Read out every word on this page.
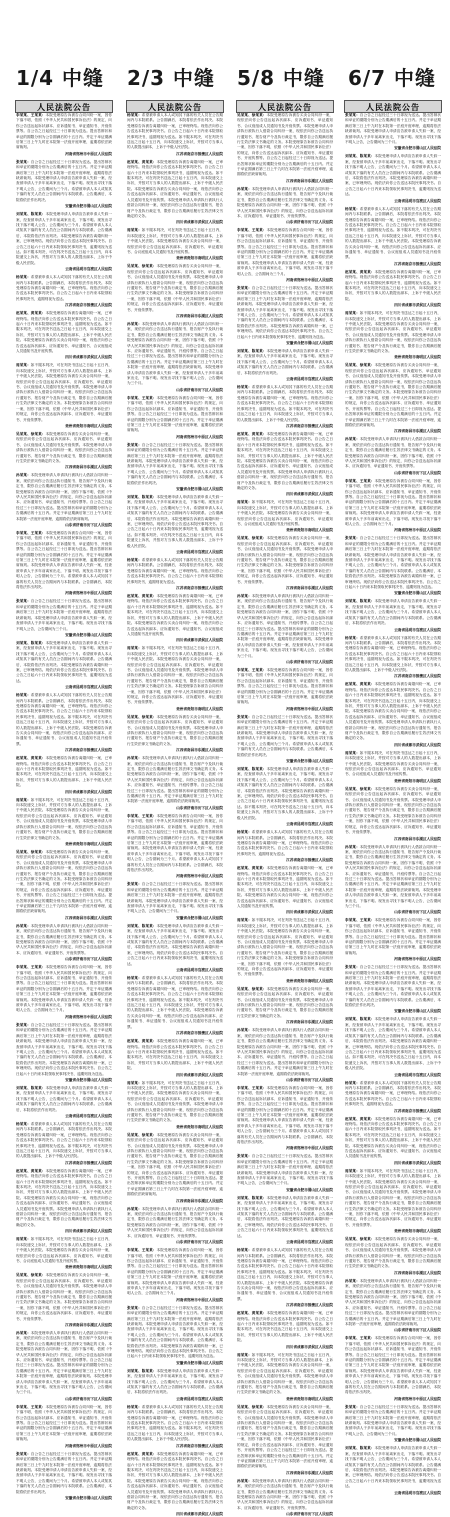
1/4 中缝	2/3 中缝	5/8 中缝	6/7 中缝
人民法院公告
李某某、王某某：本院受理原告诉被告合同纠纷一案，因你下落不明，依照《中华人民共和国民事诉讼法》的规定，向你公告送达起诉状副本、应诉通知书、举证通知书、开庭传票等。自公告之日起经过三十日即视为送达。提出答辩状和举证的期限分别为公告期满后的十五日内。并定于举证期满后第三日上午九时在本院第一法庭开庭审理，逾期将依法缺席裁判。
河南省郑州市中原区人民法院
张某某：自公告之日起经过三十日即视为送达。提出答辩状和举证的期限分别为公告期满后的十五日内。并定于举证期满后第三日上午九时在本院第一法庭开庭审理，逾期将依法缺席裁判。本院受理申请人申请宣告被申请人失踪一案，经查被申请人于多年前离家出走，下落不明。现发出寻找下落不明人公告，公告期间为三个月。希望被申请人本人或知其下落的有关人员在公告期间内与本院联系。公告期满后，本院将依法作出判决。
安徽省合肥市蜀山区人民法院
刘某某、陈某某：本院受理申请人申请宣告被申请人失踪一案，经查被申请人于多年前离家出走，下落不明。现发出寻找下落不明人公告，公告期间为三个月。希望被申请人本人或知其下落的有关人员在公告期间内与本院联系。公告期满后，本院将依法作出判决。本院受理原告诉被告离婚纠纷一案，已审理终结。现依法向你公告送达本院民事判决书。自公告之日起六十日内来本院领取民事判决书，逾期则视为送达。如不服本判决，可在判决书送达之日起十五日内，向本院递交上诉状，并按对方当事人的人数提出副本，上诉于中级人民法院。
云南省昆明市官渡区人民法院
杨某某：希望被申请人本人或知其下落的有关人员在公告期间内与本院联系。公告期满后，本院将依法作出判决。本院受理原告诉被告离婚纠纷一案，已审理终结。现依法向你公告送达本院民事判决书。自公告之日起六十日内来本院领取民事判决书，逾期则视为送达。
江苏省南京市鼓楼区人民法院
赵某某、黄某某：本院受理原告诉被告离婚纠纷一案，已审理终结。现依法向你公告送达本院民事判决书。自公告之日起六十日内来本院领取民事判决书，逾期则视为送达。如不服本判决，可在判决书送达之日起十五日内，向本院递交上诉状，并按对方当事人的人数提出副本，上诉于中级人民法院。本院受理原告诉被告买卖合同纠纷一案，现依法向你公告送达起诉状副本、应诉通知书、举证通知书、合议庭组成人员通知书及开庭传票。
四川省成都市武侯区人民法院
周某某：如不服本判决，可在判决书送达之日起十五日内，向本院递交上诉状，并按对方当事人的人数提出副本，上诉于中级人民法院。本院受理原告诉被告买卖合同纠纷一案，现依法向你公告送达起诉状副本、应诉通知书、举证通知书、合议庭组成人员通知书及开庭传票。本院受理申请人申请执行被执行人借款合同纠纷一案，现依法向你公告送达执行通知书、报告财产令及执行裁定书，限你自公告期满后履行生效法律文书确定的义务。本院受理原告诉被告合同纠纷一案，因你下落不明，依照《中华人民共和国民事诉讼法》的规定，向你公告送达起诉状副本、应诉通知书、举证通知书、开庭传票等。
贵州省贵阳市南明区人民法院
吴某某、徐某某：本院受理原告诉被告买卖合同纠纷一案，现依法向你公告送达起诉状副本、应诉通知书、举证通知书、合议庭组成人员通知书及开庭传票。本院受理申请人申请执行被执行人借款合同纠纷一案，现依法向你公告送达执行通知书、报告财产令及执行裁定书，限你自公告期满后履行生效法律文书确定的义务。
江西省南昌市东湖区人民法院
孙某某：本院受理申请人申请执行被执行人借款合同纠纷一案，现依法向你公告送达执行通知书、报告财产令及执行裁定书，限你自公告期满后履行生效法律文书确定的义务。本院受理原告诉被告合同纠纷一案，因你下落不明，依照《中华人民共和国民事诉讼法》的规定，向你公告送达起诉状副本、应诉通知书、举证通知书、开庭传票等。自公告之日起经过三十日即视为送达。提出答辩状和举证的期限分别为公告期满后的十五日内。并定于举证期满后第三日上午九时在本院第一法庭开庭审理，逾期将依法缺席裁判。
山东省济南市历下区人民法院
李某某、王某某：本院受理原告诉被告合同纠纷一案，因你下落不明，依照《中华人民共和国民事诉讼法》的规定，向你公告送达起诉状副本、应诉通知书、举证通知书、开庭传票等。自公告之日起经过三十日即视为送达。提出答辩状和举证的期限分别为公告期满后的十五日内。并定于举证期满后第三日上午九时在本院第一法庭开庭审理，逾期将依法缺席裁判。本院受理申请人申请宣告被申请人失踪一案，经查被申请人于多年前离家出走，下落不明。现发出寻找下落不明人公告，公告期间为三个月。希望被申请人本人或知其下落的有关人员在公告期间内与本院联系。公告期满后，本院将依法作出判决。
河南省郑州市中原区人民法院
张某某：自公告之日起经过三十日即视为送达。提出答辩状和举证的期限分别为公告期满后的十五日内。并定于举证期满后第三日上午九时在本院第一法庭开庭审理，逾期将依法缺席裁判。本院受理申请人申请宣告被申请人失踪一案，经查被申请人于多年前离家出走，下落不明。现发出寻找下落不明人公告，公告期间为三个月。
安徽省合肥市蜀山区人民法院
刘某某、陈某某：本院受理申请人申请宣告被申请人失踪一案，经查被申请人于多年前离家出走，下落不明。现发出寻找下落不明人公告，公告期间为三个月。希望被申请人本人或知其下落的有关人员在公告期间内与本院联系。公告期满后，本院将依法作出判决。本院受理原告诉被告离婚纠纷一案，已审理终结。现依法向你公告送达本院民事判决书。自公告之日起六十日内来本院领取民事判决书，逾期则视为送达。
云南省昆明市官渡区人民法院
杨某某：希望被申请人本人或知其下落的有关人员在公告期间内与本院联系。公告期满后，本院将依法作出判决。本院受理原告诉被告离婚纠纷一案，已审理终结。现依法向你公告送达本院民事判决书。自公告之日起六十日内来本院领取民事判决书，逾期则视为送达。如不服本判决，可在判决书送达之日起十五日内，向本院递交上诉状，并按对方当事人的人数提出副本，上诉于中级人民法院。本院受理原告诉被告买卖合同纠纷一案，现依法向你公告送达起诉状副本、应诉通知书、举证通知书、合议庭组成人员通知书及开庭传票。
江苏省南京市鼓楼区人民法院
赵某某、黄某某：本院受理原告诉被告离婚纠纷一案，已审理终结。现依法向你公告送达本院民事判决书。自公告之日起六十日内来本院领取民事判决书，逾期则视为送达。如不服本判决，可在判决书送达之日起十五日内，向本院递交上诉状，并按对方当事人的人数提出副本，上诉于中级人民法院。
四川省成都市武侯区人民法院
周某某：如不服本判决，可在判决书送达之日起十五日内，向本院递交上诉状，并按对方当事人的人数提出副本，上诉于中级人民法院。本院受理原告诉被告买卖合同纠纷一案，现依法向你公告送达起诉状副本、应诉通知书、举证通知书、合议庭组成人员通知书及开庭传票。本院受理申请人申请执行被执行人借款合同纠纷一案，现依法向你公告送达执行通知书、报告财产令及执行裁定书，限你自公告期满后履行生效法律文书确定的义务。
贵州省贵阳市南明区人民法院
吴某某、徐某某：本院受理原告诉被告买卖合同纠纷一案，现依法向你公告送达起诉状副本、应诉通知书、举证通知书、合议庭组成人员通知书及开庭传票。本院受理申请人申请执行被执行人借款合同纠纷一案，现依法向你公告送达执行通知书、报告财产令及执行裁定书，限你自公告期满后履行生效法律文书确定的义务。本院受理原告诉被告合同纠纷一案，因你下落不明，依照《中华人民共和国民事诉讼法》的规定，向你公告送达起诉状副本、应诉通知书、举证通知书、开庭传票等。自公告之日起经过三十日即视为送达。提出答辩状和举证的期限分别为公告期满后的十五日内。并定于举证期满后第三日上午九时在本院第一法庭开庭审理，逾期将依法缺席裁判。
江西省南昌市东湖区人民法院
孙某某：本院受理申请人申请执行被执行人借款合同纠纷一案，现依法向你公告送达执行通知书、报告财产令及执行裁定书，限你自公告期满后履行生效法律文书确定的义务。本院受理原告诉被告合同纠纷一案，因你下落不明，依照《中华人民共和国民事诉讼法》的规定，向你公告送达起诉状副本、应诉通知书、举证通知书、开庭传票等。
山东省济南市历下区人民法院
李某某、王某某：本院受理原告诉被告合同纠纷一案，因你下落不明，依照《中华人民共和国民事诉讼法》的规定，向你公告送达起诉状副本、应诉通知书、举证通知书、开庭传票等。自公告之日起经过三十日即视为送达。提出答辩状和举证的期限分别为公告期满后的十五日内。并定于举证期满后第三日上午九时在本院第一法庭开庭审理，逾期将依法缺席裁判。本院受理申请人申请宣告被申请人失踪一案，经查被申请人于多年前离家出走，下落不明。现发出寻找下落不明人公告，公告期间为三个月。
河南省郑州市中原区人民法院
张某某：自公告之日起经过三十日即视为送达。提出答辩状和举证的期限分别为公告期满后的十五日内。并定于举证期满后第三日上午九时在本院第一法庭开庭审理，逾期将依法缺席裁判。本院受理申请人申请宣告被申请人失踪一案，经查被申请人于多年前离家出走，下落不明。现发出寻找下落不明人公告，公告期间为三个月。希望被申请人本人或知其下落的有关人员在公告期间内与本院联系。公告期满后，本院将依法作出判决。本院受理原告诉被告离婚纠纷一案，已审理终结。现依法向你公告送达本院民事判决书。自公告之日起六十日内来本院领取民事判决书，逾期则视为送达。
安徽省合肥市蜀山区人民法院
刘某某、陈某某：本院受理申请人申请宣告被申请人失踪一案，经查被申请人于多年前离家出走，下落不明。现发出寻找下落不明人公告，公告期间为三个月。希望被申请人本人或知其下落的有关人员在公告期间内与本院联系。公告期满后，本院将依法作出判决。
云南省昆明市官渡区人民法院
杨某某：希望被申请人本人或知其下落的有关人员在公告期间内与本院联系。公告期满后，本院将依法作出判决。本院受理原告诉被告离婚纠纷一案，已审理终结。现依法向你公告送达本院民事判决书。自公告之日起六十日内来本院领取民事判决书，逾期则视为送达。如不服本判决，可在判决书送达之日起十五日内，向本院递交上诉状，并按对方当事人的人数提出副本，上诉于中级人民法院。
江苏省南京市鼓楼区人民法院
赵某某、黄某某：本院受理原告诉被告离婚纠纷一案，已审理终结。现依法向你公告送达本院民事判决书。自公告之日起六十日内来本院领取民事判决书，逾期则视为送达。如不服本判决，可在判决书送达之日起十五日内，向本院递交上诉状，并按对方当事人的人数提出副本，上诉于中级人民法院。本院受理原告诉被告买卖合同纠纷一案，现依法向你公告送达起诉状副本、应诉通知书、举证通知书、合议庭组成人员通知书及开庭传票。本院受理申请人申请执行被执行人借款合同纠纷一案，现依法向你公告送达执行通知书、报告财产令及执行裁定书，限你自公告期满后履行生效法律文书确定的义务。
四川省成都市武侯区人民法院
周某某：如不服本判决，可在判决书送达之日起十五日内，向本院递交上诉状，并按对方当事人的人数提出副本，上诉于中级人民法院。本院受理原告诉被告买卖合同纠纷一案，现依法向你公告送达起诉状副本、应诉通知书、举证通知书、合议庭组成人员通知书及开庭传票。
贵州省贵阳市南明区人民法院
吴某某、徐某某：本院受理原告诉被告买卖合同纠纷一案，现依法向你公告送达起诉状副本、应诉通知书、举证通知书、合议庭组成人员通知书及开庭传票。本院受理申请人申请执行被执行人借款合同纠纷一案，现依法向你公告送达执行通知书、报告财产令及执行裁定书，限你自公告期满后履行生效法律文书确定的义务。本院受理原告诉被告合同纠纷一案，因你下落不明，依照《中华人民共和国民事诉讼法》的规定，向你公告送达起诉状副本、应诉通知书、举证通知书、开庭传票等。
江西省南昌市东湖区人民法院
孙某某：本院受理申请人申请执行被执行人借款合同纠纷一案，现依法向你公告送达执行通知书、报告财产令及执行裁定书，限你自公告期满后履行生效法律文书确定的义务。本院受理原告诉被告合同纠纷一案，因你下落不明，依照《中华人民共和国民事诉讼法》的规定，向你公告送达起诉状副本、应诉通知书、举证通知书、开庭传票等。自公告之日起经过三十日即视为送达。提出答辩状和举证的期限分别为公告期满后的十五日内。并定于举证期满后第三日上午九时在本院第一法庭开庭审理，逾期将依法缺席裁判。本院受理申请人申请宣告被申请人失踪一案，经查被申请人于多年前离家出走，下落不明。现发出寻找下落不明人公告，公告期间为三个月。
山东省济南市历下区人民法院
李某某、王某某：本院受理原告诉被告合同纠纷一案，因你下落不明，依照《中华人民共和国民事诉讼法》的规定，向你公告送达起诉状副本、应诉通知书、举证通知书、开庭传票等。自公告之日起经过三十日即视为送达。提出答辩状和举证的期限分别为公告期满后的十五日内。并定于举证期满后第三日上午九时在本院第一法庭开庭审理，逾期将依法缺席裁判。
河南省郑州市中原区人民法院
张某某：自公告之日起经过三十日即视为送达。提出答辩状和举证的期限分别为公告期满后的十五日内。并定于举证期满后第三日上午九时在本院第一法庭开庭审理，逾期将依法缺席裁判。本院受理申请人申请宣告被申请人失踪一案，经查被申请人于多年前离家出走，下落不明。现发出寻找下落不明人公告，公告期间为三个月。希望被申请人本人或知其下落的有关人员在公告期间内与本院联系。公告期满后，本院将依法作出判决。
安徽省合肥市蜀山区人民法院
人民法院公告
杨某某：希望被申请人本人或知其下落的有关人员在公告期间内与本院联系。公告期满后，本院将依法作出判决。本院受理原告诉被告离婚纠纷一案，已审理终结。现依法向你公告送达本院民事判决书。自公告之日起六十日内来本院领取民事判决书，逾期则视为送达。如不服本判决，可在判决书送达之日起十五日内，向本院递交上诉状，并按对方当事人的人数提出副本，上诉于中级人民法院。
江苏省南京市鼓楼区人民法院
赵某某、黄某某：本院受理原告诉被告离婚纠纷一案，已审理终结。现依法向你公告送达本院民事判决书。自公告之日起六十日内来本院领取民事判决书，逾期则视为送达。如不服本判决，可在判决书送达之日起十五日内，向本院递交上诉状，并按对方当事人的人数提出副本，上诉于中级人民法院。本院受理原告诉被告买卖合同纠纷一案，现依法向你公告送达起诉状副本、应诉通知书、举证通知书、合议庭组成人员通知书及开庭传票。本院受理申请人申请执行被执行人借款合同纠纷一案，现依法向你公告送达执行通知书、报告财产令及执行裁定书，限你自公告期满后履行生效法律文书确定的义务。
四川省成都市武侯区人民法院
周某某：如不服本判决，可在判决书送达之日起十五日内，向本院递交上诉状，并按对方当事人的人数提出副本，上诉于中级人民法院。本院受理原告诉被告买卖合同纠纷一案，现依法向你公告送达起诉状副本、应诉通知书、举证通知书、合议庭组成人员通知书及开庭传票。
贵州省贵阳市南明区人民法院
吴某某、徐某某：本院受理原告诉被告买卖合同纠纷一案，现依法向你公告送达起诉状副本、应诉通知书、举证通知书、合议庭组成人员通知书及开庭传票。本院受理申请人申请执行被执行人借款合同纠纷一案，现依法向你公告送达执行通知书、报告财产令及执行裁定书，限你自公告期满后履行生效法律文书确定的义务。本院受理原告诉被告合同纠纷一案，因你下落不明，依照《中华人民共和国民事诉讼法》的规定，向你公告送达起诉状副本、应诉通知书、举证通知书、开庭传票等。
江西省南昌市东湖区人民法院
孙某某：本院受理申请人申请执行被执行人借款合同纠纷一案，现依法向你公告送达执行通知书、报告财产令及执行裁定书，限你自公告期满后履行生效法律文书确定的义务。本院受理原告诉被告合同纠纷一案，因你下落不明，依照《中华人民共和国民事诉讼法》的规定，向你公告送达起诉状副本、应诉通知书、举证通知书、开庭传票等。自公告之日起经过三十日即视为送达。提出答辩状和举证的期限分别为公告期满后的十五日内。并定于举证期满后第三日上午九时在本院第一法庭开庭审理，逾期将依法缺席裁判。本院受理申请人申请宣告被申请人失踪一案，经查被申请人于多年前离家出走，下落不明。现发出寻找下落不明人公告，公告期间为三个月。
山东省济南市历下区人民法院
李某某、王某某：本院受理原告诉被告合同纠纷一案，因你下落不明，依照《中华人民共和国民事诉讼法》的规定，向你公告送达起诉状副本、应诉通知书、举证通知书、开庭传票等。自公告之日起经过三十日即视为送达。提出答辩状和举证的期限分别为公告期满后的十五日内。并定于举证期满后第三日上午九时在本院第一法庭开庭审理，逾期将依法缺席裁判。
河南省郑州市中原区人民法院
张某某：自公告之日起经过三十日即视为送达。提出答辩状和举证的期限分别为公告期满后的十五日内。并定于举证期满后第三日上午九时在本院第一法庭开庭审理，逾期将依法缺席裁判。本院受理申请人申请宣告被申请人失踪一案，经查被申请人于多年前离家出走，下落不明。现发出寻找下落不明人公告，公告期间为三个月。希望被申请人本人或知其下落的有关人员在公告期间内与本院联系。公告期满后，本院将依法作出判决。
安徽省合肥市蜀山区人民法院
刘某某、陈某某：本院受理申请人申请宣告被申请人失踪一案，经查被申请人于多年前离家出走，下落不明。现发出寻找下落不明人公告，公告期间为三个月。希望被申请人本人或知其下落的有关人员在公告期间内与本院联系。公告期满后，本院将依法作出判决。本院受理原告诉被告离婚纠纷一案，已审理终结。现依法向你公告送达本院民事判决书。自公告之日起六十日内来本院领取民事判决书，逾期则视为送达。如不服本判决，可在判决书送达之日起十五日内，向本院递交上诉状，并按对方当事人的人数提出副本，上诉于中级人民法院。
云南省昆明市官渡区人民法院
杨某某：希望被申请人本人或知其下落的有关人员在公告期间内与本院联系。公告期满后，本院将依法作出判决。本院受理原告诉被告离婚纠纷一案，已审理终结。现依法向你公告送达本院民事判决书。自公告之日起六十日内来本院领取民事判决书，逾期则视为送达。
江苏省南京市鼓楼区人民法院
赵某某、黄某某：本院受理原告诉被告离婚纠纷一案，已审理终结。现依法向你公告送达本院民事判决书。自公告之日起六十日内来本院领取民事判决书，逾期则视为送达。如不服本判决，可在判决书送达之日起十五日内，向本院递交上诉状，并按对方当事人的人数提出副本，上诉于中级人民法院。本院受理原告诉被告买卖合同纠纷一案，现依法向你公告送达起诉状副本、应诉通知书、举证通知书、合议庭组成人员通知书及开庭传票。
四川省成都市武侯区人民法院
周某某：如不服本判决，可在判决书送达之日起十五日内，向本院递交上诉状，并按对方当事人的人数提出副本，上诉于中级人民法院。本院受理原告诉被告买卖合同纠纷一案，现依法向你公告送达起诉状副本、应诉通知书、举证通知书、合议庭组成人员通知书及开庭传票。本院受理申请人申请执行被执行人借款合同纠纷一案，现依法向你公告送达执行通知书、报告财产令及执行裁定书，限你自公告期满后履行生效法律文书确定的义务。本院受理原告诉被告合同纠纷一案，因你下落不明，依照《中华人民共和国民事诉讼法》的规定，向你公告送达起诉状副本、应诉通知书、举证通知书、开庭传票等。
贵州省贵阳市南明区人民法院
吴某某、徐某某：本院受理原告诉被告买卖合同纠纷一案，现依法向你公告送达起诉状副本、应诉通知书、举证通知书、合议庭组成人员通知书及开庭传票。本院受理申请人申请执行被执行人借款合同纠纷一案，现依法向你公告送达执行通知书、报告财产令及执行裁定书，限你自公告期满后履行生效法律文书确定的义务。
江西省南昌市东湖区人民法院
孙某某：本院受理申请人申请执行被执行人借款合同纠纷一案，现依法向你公告送达执行通知书、报告财产令及执行裁定书，限你自公告期满后履行生效法律文书确定的义务。本院受理原告诉被告合同纠纷一案，因你下落不明，依照《中华人民共和国民事诉讼法》的规定，向你公告送达起诉状副本、应诉通知书、举证通知书、开庭传票等。自公告之日起经过三十日即视为送达。提出答辩状和举证的期限分别为公告期满后的十五日内。并定于举证期满后第三日上午九时在本院第一法庭开庭审理，逾期将依法缺席裁判。
山东省济南市历下区人民法院
李某某、王某某：本院受理原告诉被告合同纠纷一案，因你下落不明，依照《中华人民共和国民事诉讼法》的规定，向你公告送达起诉状副本、应诉通知书、举证通知书、开庭传票等。自公告之日起经过三十日即视为送达。提出答辩状和举证的期限分别为公告期满后的十五日内。并定于举证期满后第三日上午九时在本院第一法庭开庭审理，逾期将依法缺席裁判。本院受理申请人申请宣告被申请人失踪一案，经查被申请人于多年前离家出走，下落不明。现发出寻找下落不明人公告，公告期间为三个月。希望被申请人本人或知其下落的有关人员在公告期间内与本院联系。公告期满后，本院将依法作出判决。
河南省郑州市中原区人民法院
张某某：自公告之日起经过三十日即视为送达。提出答辩状和举证的期限分别为公告期满后的十五日内。并定于举证期满后第三日上午九时在本院第一法庭开庭审理，逾期将依法缺席裁判。本院受理申请人申请宣告被申请人失踪一案，经查被申请人于多年前离家出走，下落不明。现发出寻找下落不明人公告，公告期间为三个月。
安徽省合肥市蜀山区人民法院
刘某某、陈某某：本院受理申请人申请宣告被申请人失踪一案，经查被申请人于多年前离家出走，下落不明。现发出寻找下落不明人公告，公告期间为三个月。希望被申请人本人或知其下落的有关人员在公告期间内与本院联系。公告期满后，本院将依法作出判决。本院受理原告诉被告离婚纠纷一案，已审理终结。现依法向你公告送达本院民事判决书。自公告之日起六十日内来本院领取民事判决书，逾期则视为送达。
云南省昆明市官渡区人民法院
杨某某：希望被申请人本人或知其下落的有关人员在公告期间内与本院联系。公告期满后，本院将依法作出判决。本院受理原告诉被告离婚纠纷一案，已审理终结。现依法向你公告送达本院民事判决书。自公告之日起六十日内来本院领取民事判决书，逾期则视为送达。如不服本判决，可在判决书送达之日起十五日内，向本院递交上诉状，并按对方当事人的人数提出副本，上诉于中级人民法院。本院受理原告诉被告买卖合同纠纷一案，现依法向你公告送达起诉状副本、应诉通知书、举证通知书、合议庭组成人员通知书及开庭传票。
江苏省南京市鼓楼区人民法院
赵某某、黄某某：本院受理原告诉被告离婚纠纷一案，已审理终结。现依法向你公告送达本院民事判决书。自公告之日起六十日内来本院领取民事判决书，逾期则视为送达。如不服本判决，可在判决书送达之日起十五日内，向本院递交上诉状，并按对方当事人的人数提出副本，上诉于中级人民法院。
四川省成都市武侯区人民法院
周某某：如不服本判决，可在判决书送达之日起十五日内，向本院递交上诉状，并按对方当事人的人数提出副本，上诉于中级人民法院。本院受理原告诉被告买卖合同纠纷一案，现依法向你公告送达起诉状副本、应诉通知书、举证通知书、合议庭组成人员通知书及开庭传票。本院受理申请人申请执行被执行人借款合同纠纷一案，现依法向你公告送达执行通知书、报告财产令及执行裁定书，限你自公告期满后履行生效法律文书确定的义务。
贵州省贵阳市南明区人民法院
吴某某、徐某某：本院受理原告诉被告买卖合同纠纷一案，现依法向你公告送达起诉状副本、应诉通知书、举证通知书、合议庭组成人员通知书及开庭传票。本院受理申请人申请执行被执行人借款合同纠纷一案，现依法向你公告送达执行通知书、报告财产令及执行裁定书，限你自公告期满后履行生效法律文书确定的义务。本院受理原告诉被告合同纠纷一案，因你下落不明，依照《中华人民共和国民事诉讼法》的规定，向你公告送达起诉状副本、应诉通知书、举证通知书、开庭传票等。自公告之日起经过三十日即视为送达。提出答辩状和举证的期限分别为公告期满后的十五日内。并定于举证期满后第三日上午九时在本院第一法庭开庭审理，逾期将依法缺席裁判。
江西省南昌市东湖区人民法院
孙某某：本院受理申请人申请执行被执行人借款合同纠纷一案，现依法向你公告送达执行通知书、报告财产令及执行裁定书，限你自公告期满后履行生效法律文书确定的义务。本院受理原告诉被告合同纠纷一案，因你下落不明，依照《中华人民共和国民事诉讼法》的规定，向你公告送达起诉状副本、应诉通知书、举证通知书、开庭传票等。
山东省济南市历下区人民法院
李某某、王某某：本院受理原告诉被告合同纠纷一案，因你下落不明，依照《中华人民共和国民事诉讼法》的规定，向你公告送达起诉状副本、应诉通知书、举证通知书、开庭传票等。自公告之日起经过三十日即视为送达。提出答辩状和举证的期限分别为公告期满后的十五日内。并定于举证期满后第三日上午九时在本院第一法庭开庭审理，逾期将依法缺席裁判。本院受理申请人申请宣告被申请人失踪一案，经查被申请人于多年前离家出走，下落不明。现发出寻找下落不明人公告，公告期间为三个月。
河南省郑州市中原区人民法院
张某某：自公告之日起经过三十日即视为送达。提出答辩状和举证的期限分别为公告期满后的十五日内。并定于举证期满后第三日上午九时在本院第一法庭开庭审理，逾期将依法缺席裁判。本院受理申请人申请宣告被申请人失踪一案，经查被申请人于多年前离家出走，下落不明。现发出寻找下落不明人公告，公告期间为三个月。希望被申请人本人或知其下落的有关人员在公告期间内与本院联系。公告期满后，本院将依法作出判决。本院受理原告诉被告离婚纠纷一案，已审理终结。现依法向你公告送达本院民事判决书。自公告之日起六十日内来本院领取民事判决书，逾期则视为送达。
安徽省合肥市蜀山区人民法院
刘某某、陈某某：本院受理申请人申请宣告被申请人失踪一案，经查被申请人于多年前离家出走，下落不明。现发出寻找下落不明人公告，公告期间为三个月。希望被申请人本人或知其下落的有关人员在公告期间内与本院联系。公告期满后，本院将依法作出判决。
云南省昆明市官渡区人民法院
杨某某：希望被申请人本人或知其下落的有关人员在公告期间内与本院联系。公告期满后，本院将依法作出判决。本院受理原告诉被告离婚纠纷一案，已审理终结。现依法向你公告送达本院民事判决书。自公告之日起六十日内来本院领取民事判决书，逾期则视为送达。如不服本判决，可在判决书送达之日起十五日内，向本院递交上诉状，并按对方当事人的人数提出副本，上诉于中级人民法院。
江苏省南京市鼓楼区人民法院
赵某某、黄某某：本院受理原告诉被告离婚纠纷一案，已审理终结。现依法向你公告送达本院民事判决书。自公告之日起六十日内来本院领取民事判决书，逾期则视为送达。如不服本判决，可在判决书送达之日起十五日内，向本院递交上诉状，并按对方当事人的人数提出副本，上诉于中级人民法院。本院受理原告诉被告买卖合同纠纷一案，现依法向你公告送达起诉状副本、应诉通知书、举证通知书、合议庭组成人员通知书及开庭传票。本院受理申请人申请执行被执行人借款合同纠纷一案，现依法向你公告送达执行通知书、报告财产令及执行裁定书，限你自公告期满后履行生效法律文书确定的义务。
四川省成都市武侯区人民法院
人民法院公告
吴某某、徐某某：本院受理原告诉被告买卖合同纠纷一案，现依法向你公告送达起诉状副本、应诉通知书、举证通知书、合议庭组成人员通知书及开庭传票。本院受理申请人申请执行被执行人借款合同纠纷一案，现依法向你公告送达执行通知书、报告财产令及执行裁定书，限你自公告期满后履行生效法律文书确定的义务。本院受理原告诉被告合同纠纷一案，因你下落不明，依照《中华人民共和国民事诉讼法》的规定，向你公告送达起诉状副本、应诉通知书、举证通知书、开庭传票等。自公告之日起经过三十日即视为送达。提出答辩状和举证的期限分别为公告期满后的十五日内。并定于举证期满后第三日上午九时在本院第一法庭开庭审理，逾期将依法缺席裁判。
江西省南昌市东湖区人民法院
孙某某：本院受理申请人申请执行被执行人借款合同纠纷一案，现依法向你公告送达执行通知书、报告财产令及执行裁定书，限你自公告期满后履行生效法律文书确定的义务。本院受理原告诉被告合同纠纷一案，因你下落不明，依照《中华人民共和国民事诉讼法》的规定，向你公告送达起诉状副本、应诉通知书、举证通知书、开庭传票等。
山东省济南市历下区人民法院
李某某、王某某：本院受理原告诉被告合同纠纷一案，因你下落不明，依照《中华人民共和国民事诉讼法》的规定，向你公告送达起诉状副本、应诉通知书、举证通知书、开庭传票等。自公告之日起经过三十日即视为送达。提出答辩状和举证的期限分别为公告期满后的十五日内。并定于举证期满后第三日上午九时在本院第一法庭开庭审理，逾期将依法缺席裁判。本院受理申请人申请宣告被申请人失踪一案，经查被申请人于多年前离家出走，下落不明。现发出寻找下落不明人公告，公告期间为三个月。
河南省郑州市中原区人民法院
张某某：自公告之日起经过三十日即视为送达。提出答辩状和举证的期限分别为公告期满后的十五日内。并定于举证期满后第三日上午九时在本院第一法庭开庭审理，逾期将依法缺席裁判。本院受理申请人申请宣告被申请人失踪一案，经查被申请人于多年前离家出走，下落不明。现发出寻找下落不明人公告，公告期间为三个月。希望被申请人本人或知其下落的有关人员在公告期间内与本院联系。公告期满后，本院将依法作出判决。本院受理原告诉被告离婚纠纷一案，已审理终结。现依法向你公告送达本院民事判决书。自公告之日起六十日内来本院领取民事判决书，逾期则视为送达。
安徽省合肥市蜀山区人民法院
刘某某、陈某某：本院受理申请人申请宣告被申请人失踪一案，经查被申请人于多年前离家出走，下落不明。现发出寻找下落不明人公告，公告期间为三个月。希望被申请人本人或知其下落的有关人员在公告期间内与本院联系。公告期满后，本院将依法作出判决。
云南省昆明市官渡区人民法院
杨某某：希望被申请人本人或知其下落的有关人员在公告期间内与本院联系。公告期满后，本院将依法作出判决。本院受理原告诉被告离婚纠纷一案，已审理终结。现依法向你公告送达本院民事判决书。自公告之日起六十日内来本院领取民事判决书，逾期则视为送达。如不服本判决，可在判决书送达之日起十五日内，向本院递交上诉状，并按对方当事人的人数提出副本，上诉于中级人民法院。
江苏省南京市鼓楼区人民法院
赵某某、黄某某：本院受理原告诉被告离婚纠纷一案，已审理终结。现依法向你公告送达本院民事判决书。自公告之日起六十日内来本院领取民事判决书，逾期则视为送达。如不服本判决，可在判决书送达之日起十五日内，向本院递交上诉状，并按对方当事人的人数提出副本，上诉于中级人民法院。本院受理原告诉被告买卖合同纠纷一案，现依法向你公告送达起诉状副本、应诉通知书、举证通知书、合议庭组成人员通知书及开庭传票。本院受理申请人申请执行被执行人借款合同纠纷一案，现依法向你公告送达执行通知书、报告财产令及执行裁定书，限你自公告期满后履行生效法律文书确定的义务。
四川省成都市武侯区人民法院
周某某：如不服本判决，可在判决书送达之日起十五日内，向本院递交上诉状，并按对方当事人的人数提出副本，上诉于中级人民法院。本院受理原告诉被告买卖合同纠纷一案，现依法向你公告送达起诉状副本、应诉通知书、举证通知书、合议庭组成人员通知书及开庭传票。
贵州省贵阳市南明区人民法院
吴某某、徐某某：本院受理原告诉被告买卖合同纠纷一案，现依法向你公告送达起诉状副本、应诉通知书、举证通知书、合议庭组成人员通知书及开庭传票。本院受理申请人申请执行被执行人借款合同纠纷一案，现依法向你公告送达执行通知书、报告财产令及执行裁定书，限你自公告期满后履行生效法律文书确定的义务。本院受理原告诉被告合同纠纷一案，因你下落不明，依照《中华人民共和国民事诉讼法》的规定，向你公告送达起诉状副本、应诉通知书、举证通知书、开庭传票等。
江西省南昌市东湖区人民法院
孙某某：本院受理申请人申请执行被执行人借款合同纠纷一案，现依法向你公告送达执行通知书、报告财产令及执行裁定书，限你自公告期满后履行生效法律文书确定的义务。本院受理原告诉被告合同纠纷一案，因你下落不明，依照《中华人民共和国民事诉讼法》的规定，向你公告送达起诉状副本、应诉通知书、举证通知书、开庭传票等。自公告之日起经过三十日即视为送达。提出答辩状和举证的期限分别为公告期满后的十五日内。并定于举证期满后第三日上午九时在本院第一法庭开庭审理，逾期将依法缺席裁判。本院受理申请人申请宣告被申请人失踪一案，经查被申请人于多年前离家出走，下落不明。现发出寻找下落不明人公告，公告期间为三个月。
山东省济南市历下区人民法院
李某某、王某某：本院受理原告诉被告合同纠纷一案，因你下落不明，依照《中华人民共和国民事诉讼法》的规定，向你公告送达起诉状副本、应诉通知书、举证通知书、开庭传票等。自公告之日起经过三十日即视为送达。提出答辩状和举证的期限分别为公告期满后的十五日内。并定于举证期满后第三日上午九时在本院第一法庭开庭审理，逾期将依法缺席裁判。
河南省郑州市中原区人民法院
张某某：自公告之日起经过三十日即视为送达。提出答辩状和举证的期限分别为公告期满后的十五日内。并定于举证期满后第三日上午九时在本院第一法庭开庭审理，逾期将依法缺席裁判。本院受理申请人申请宣告被申请人失踪一案，经查被申请人于多年前离家出走，下落不明。现发出寻找下落不明人公告，公告期间为三个月。希望被申请人本人或知其下落的有关人员在公告期间内与本院联系。公告期满后，本院将依法作出判决。
安徽省合肥市蜀山区人民法院
刘某某、陈某某：本院受理申请人申请宣告被申请人失踪一案，经查被申请人于多年前离家出走，下落不明。现发出寻找下落不明人公告，公告期间为三个月。希望被申请人本人或知其下落的有关人员在公告期间内与本院联系。公告期满后，本院将依法作出判决。本院受理原告诉被告离婚纠纷一案，已审理终结。现依法向你公告送达本院民事判决书。自公告之日起六十日内来本院领取民事判决书，逾期则视为送达。如不服本判决，可在判决书送达之日起十五日内，向本院递交上诉状，并按对方当事人的人数提出副本，上诉于中级人民法院。
云南省昆明市官渡区人民法院
杨某某：希望被申请人本人或知其下落的有关人员在公告期间内与本院联系。公告期满后，本院将依法作出判决。本院受理原告诉被告离婚纠纷一案，已审理终结。现依法向你公告送达本院民事判决书。自公告之日起六十日内来本院领取民事判决书，逾期则视为送达。
江苏省南京市鼓楼区人民法院
赵某某、黄某某：本院受理原告诉被告离婚纠纷一案，已审理终结。现依法向你公告送达本院民事判决书。自公告之日起六十日内来本院领取民事判决书，逾期则视为送达。如不服本判决，可在判决书送达之日起十五日内，向本院递交上诉状，并按对方当事人的人数提出副本，上诉于中级人民法院。本院受理原告诉被告买卖合同纠纷一案，现依法向你公告送达起诉状副本、应诉通知书、举证通知书、合议庭组成人员通知书及开庭传票。
四川省成都市武侯区人民法院
周某某：如不服本判决，可在判决书送达之日起十五日内，向本院递交上诉状，并按对方当事人的人数提出副本，上诉于中级人民法院。本院受理原告诉被告买卖合同纠纷一案，现依法向你公告送达起诉状副本、应诉通知书、举证通知书、合议庭组成人员通知书及开庭传票。本院受理申请人申请执行被执行人借款合同纠纷一案，现依法向你公告送达执行通知书、报告财产令及执行裁定书，限你自公告期满后履行生效法律文书确定的义务。本院受理原告诉被告合同纠纷一案，因你下落不明，依照《中华人民共和国民事诉讼法》的规定，向你公告送达起诉状副本、应诉通知书、举证通知书、开庭传票等。
贵州省贵阳市南明区人民法院
吴某某、徐某某：本院受理原告诉被告买卖合同纠纷一案，现依法向你公告送达起诉状副本、应诉通知书、举证通知书、合议庭组成人员通知书及开庭传票。本院受理申请人申请执行被执行人借款合同纠纷一案，现依法向你公告送达执行通知书、报告财产令及执行裁定书，限你自公告期满后履行生效法律文书确定的义务。
江西省南昌市东湖区人民法院
孙某某：本院受理申请人申请执行被执行人借款合同纠纷一案，现依法向你公告送达执行通知书、报告财产令及执行裁定书，限你自公告期满后履行生效法律文书确定的义务。本院受理原告诉被告合同纠纷一案，因你下落不明，依照《中华人民共和国民事诉讼法》的规定，向你公告送达起诉状副本、应诉通知书、举证通知书、开庭传票等。自公告之日起经过三十日即视为送达。提出答辩状和举证的期限分别为公告期满后的十五日内。并定于举证期满后第三日上午九时在本院第一法庭开庭审理，逾期将依法缺席裁判。
山东省济南市历下区人民法院
李某某、王某某：本院受理原告诉被告合同纠纷一案，因你下落不明，依照《中华人民共和国民事诉讼法》的规定，向你公告送达起诉状副本、应诉通知书、举证通知书、开庭传票等。自公告之日起经过三十日即视为送达。提出答辩状和举证的期限分别为公告期满后的十五日内。并定于举证期满后第三日上午九时在本院第一法庭开庭审理，逾期将依法缺席裁判。本院受理申请人申请宣告被申请人失踪一案，经查被申请人于多年前离家出走，下落不明。现发出寻找下落不明人公告，公告期间为三个月。希望被申请人本人或知其下落的有关人员在公告期间内与本院联系。公告期满后，本院将依法作出判决。
河南省郑州市中原区人民法院
张某某：自公告之日起经过三十日即视为送达。提出答辩状和举证的期限分别为公告期满后的十五日内。并定于举证期满后第三日上午九时在本院第一法庭开庭审理，逾期将依法缺席裁判。本院受理申请人申请宣告被申请人失踪一案，经查被申请人于多年前离家出走，下落不明。现发出寻找下落不明人公告，公告期间为三个月。
安徽省合肥市蜀山区人民法院
刘某某、陈某某：本院受理申请人申请宣告被申请人失踪一案，经查被申请人于多年前离家出走，下落不明。现发出寻找下落不明人公告，公告期间为三个月。希望被申请人本人或知其下落的有关人员在公告期间内与本院联系。公告期满后，本院将依法作出判决。本院受理原告诉被告离婚纠纷一案，已审理终结。现依法向你公告送达本院民事判决书。自公告之日起六十日内来本院领取民事判决书，逾期则视为送达。
云南省昆明市官渡区人民法院
杨某某：希望被申请人本人或知其下落的有关人员在公告期间内与本院联系。公告期满后，本院将依法作出判决。本院受理原告诉被告离婚纠纷一案，已审理终结。现依法向你公告送达本院民事判决书。自公告之日起六十日内来本院领取民事判决书，逾期则视为送达。如不服本判决，可在判决书送达之日起十五日内，向本院递交上诉状，并按对方当事人的人数提出副本，上诉于中级人民法院。本院受理原告诉被告买卖合同纠纷一案，现依法向你公告送达起诉状副本、应诉通知书、举证通知书、合议庭组成人员通知书及开庭传票。
江苏省南京市鼓楼区人民法院
赵某某、黄某某：本院受理原告诉被告离婚纠纷一案，已审理终结。现依法向你公告送达本院民事判决书。自公告之日起六十日内来本院领取民事判决书，逾期则视为送达。如不服本判决，可在判决书送达之日起十五日内，向本院递交上诉状，并按对方当事人的人数提出副本，上诉于中级人民法院。
四川省成都市武侯区人民法院
周某某：如不服本判决，可在判决书送达之日起十五日内，向本院递交上诉状，并按对方当事人的人数提出副本，上诉于中级人民法院。本院受理原告诉被告买卖合同纠纷一案，现依法向你公告送达起诉状副本、应诉通知书、举证通知书、合议庭组成人员通知书及开庭传票。本院受理申请人申请执行被执行人借款合同纠纷一案，现依法向你公告送达执行通知书、报告财产令及执行裁定书，限你自公告期满后履行生效法律文书确定的义务。
贵州省贵阳市南明区人民法院
吴某某、徐某某：本院受理原告诉被告买卖合同纠纷一案，现依法向你公告送达起诉状副本、应诉通知书、举证通知书、合议庭组成人员通知书及开庭传票。本院受理申请人申请执行被执行人借款合同纠纷一案，现依法向你公告送达执行通知书、报告财产令及执行裁定书，限你自公告期满后履行生效法律文书确定的义务。本院受理原告诉被告合同纠纷一案，因你下落不明，依照《中华人民共和国民事诉讼法》的规定，向你公告送达起诉状副本、应诉通知书、举证通知书、开庭传票等。自公告之日起经过三十日即视为送达。提出答辩状和举证的期限分别为公告期满后的十五日内。并定于举证期满后第三日上午九时在本院第一法庭开庭审理，逾期将依法缺席裁判。
江西省南昌市东湖区人民法院
孙某某：本院受理申请人申请执行被执行人借款合同纠纷一案，现依法向你公告送达执行通知书、报告财产令及执行裁定书，限你自公告期满后履行生效法律文书确定的义务。本院受理原告诉被告合同纠纷一案，因你下落不明，依照《中华人民共和国民事诉讼法》的规定，向你公告送达起诉状副本、应诉通知书、举证通知书、开庭传票等。
山东省济南市历下区人民法院
人民法院公告
张某某：自公告之日起经过三十日即视为送达。提出答辩状和举证的期限分别为公告期满后的十五日内。并定于举证期满后第三日上午九时在本院第一法庭开庭审理，逾期将依法缺席裁判。本院受理申请人申请宣告被申请人失踪一案，经查被申请人于多年前离家出走，下落不明。现发出寻找下落不明人公告，公告期间为三个月。
安徽省合肥市蜀山区人民法院
刘某某、陈某某：本院受理申请人申请宣告被申请人失踪一案，经查被申请人于多年前离家出走，下落不明。现发出寻找下落不明人公告，公告期间为三个月。希望被申请人本人或知其下落的有关人员在公告期间内与本院联系。公告期满后，本院将依法作出判决。本院受理原告诉被告离婚纠纷一案，已审理终结。现依法向你公告送达本院民事判决书。自公告之日起六十日内来本院领取民事判决书，逾期则视为送达。
云南省昆明市官渡区人民法院
杨某某：希望被申请人本人或知其下落的有关人员在公告期间内与本院联系。公告期满后，本院将依法作出判决。本院受理原告诉被告离婚纠纷一案，已审理终结。现依法向你公告送达本院民事判决书。自公告之日起六十日内来本院领取民事判决书，逾期则视为送达。如不服本判决，可在判决书送达之日起十五日内，向本院递交上诉状，并按对方当事人的人数提出副本，上诉于中级人民法院。本院受理原告诉被告买卖合同纠纷一案，现依法向你公告送达起诉状副本、应诉通知书、举证通知书、合议庭组成人员通知书及开庭传票。
江苏省南京市鼓楼区人民法院
赵某某、黄某某：本院受理原告诉被告离婚纠纷一案，已审理终结。现依法向你公告送达本院民事判决书。自公告之日起六十日内来本院领取民事判决书，逾期则视为送达。如不服本判决，可在判决书送达之日起十五日内，向本院递交上诉状，并按对方当事人的人数提出副本，上诉于中级人民法院。
四川省成都市武侯区人民法院
周某某：如不服本判决，可在判决书送达之日起十五日内，向本院递交上诉状，并按对方当事人的人数提出副本，上诉于中级人民法院。本院受理原告诉被告买卖合同纠纷一案，现依法向你公告送达起诉状副本、应诉通知书、举证通知书、合议庭组成人员通知书及开庭传票。本院受理申请人申请执行被执行人借款合同纠纷一案，现依法向你公告送达执行通知书、报告财产令及执行裁定书，限你自公告期满后履行生效法律文书确定的义务。
贵州省贵阳市南明区人民法院
吴某某、徐某某：本院受理原告诉被告买卖合同纠纷一案，现依法向你公告送达起诉状副本、应诉通知书、举证通知书、合议庭组成人员通知书及开庭传票。本院受理申请人申请执行被执行人借款合同纠纷一案，现依法向你公告送达执行通知书、报告财产令及执行裁定书，限你自公告期满后履行生效法律文书确定的义务。本院受理原告诉被告合同纠纷一案，因你下落不明，依照《中华人民共和国民事诉讼法》的规定，向你公告送达起诉状副本、应诉通知书、举证通知书、开庭传票等。自公告之日起经过三十日即视为送达。提出答辩状和举证的期限分别为公告期满后的十五日内。并定于举证期满后第三日上午九时在本院第一法庭开庭审理，逾期将依法缺席裁判。
江西省南昌市东湖区人民法院
孙某某：本院受理申请人申请执行被执行人借款合同纠纷一案，现依法向你公告送达执行通知书、报告财产令及执行裁定书，限你自公告期满后履行生效法律文书确定的义务。本院受理原告诉被告合同纠纷一案，因你下落不明，依照《中华人民共和国民事诉讼法》的规定，向你公告送达起诉状副本、应诉通知书、举证通知书、开庭传票等。
山东省济南市历下区人民法院
李某某、王某某：本院受理原告诉被告合同纠纷一案，因你下落不明，依照《中华人民共和国民事诉讼法》的规定，向你公告送达起诉状副本、应诉通知书、举证通知书、开庭传票等。自公告之日起经过三十日即视为送达。提出答辩状和举证的期限分别为公告期满后的十五日内。并定于举证期满后第三日上午九时在本院第一法庭开庭审理，逾期将依法缺席裁判。本院受理申请人申请宣告被申请人失踪一案，经查被申请人于多年前离家出走，下落不明。现发出寻找下落不明人公告，公告期间为三个月。
河南省郑州市中原区人民法院
张某某：自公告之日起经过三十日即视为送达。提出答辩状和举证的期限分别为公告期满后的十五日内。并定于举证期满后第三日上午九时在本院第一法庭开庭审理，逾期将依法缺席裁判。本院受理申请人申请宣告被申请人失踪一案，经查被申请人于多年前离家出走，下落不明。现发出寻找下落不明人公告，公告期间为三个月。希望被申请人本人或知其下落的有关人员在公告期间内与本院联系。公告期满后，本院将依法作出判决。本院受理原告诉被告离婚纠纷一案，已审理终结。现依法向你公告送达本院民事判决书。自公告之日起六十日内来本院领取民事判决书，逾期则视为送达。
安徽省合肥市蜀山区人民法院
刘某某、陈某某：本院受理申请人申请宣告被申请人失踪一案，经查被申请人于多年前离家出走，下落不明。现发出寻找下落不明人公告，公告期间为三个月。希望被申请人本人或知其下落的有关人员在公告期间内与本院联系。公告期满后，本院将依法作出判决。
云南省昆明市官渡区人民法院
杨某某：希望被申请人本人或知其下落的有关人员在公告期间内与本院联系。公告期满后，本院将依法作出判决。本院受理原告诉被告离婚纠纷一案，已审理终结。现依法向你公告送达本院民事判决书。自公告之日起六十日内来本院领取民事判决书，逾期则视为送达。如不服本判决，可在判决书送达之日起十五日内，向本院递交上诉状，并按对方当事人的人数提出副本，上诉于中级人民法院。
江苏省南京市鼓楼区人民法院
赵某某、黄某某：本院受理原告诉被告离婚纠纷一案，已审理终结。现依法向你公告送达本院民事判决书。自公告之日起六十日内来本院领取民事判决书，逾期则视为送达。如不服本判决，可在判决书送达之日起十五日内，向本院递交上诉状，并按对方当事人的人数提出副本，上诉于中级人民法院。本院受理原告诉被告买卖合同纠纷一案，现依法向你公告送达起诉状副本、应诉通知书、举证通知书、合议庭组成人员通知书及开庭传票。本院受理申请人申请执行被执行人借款合同纠纷一案，现依法向你公告送达执行通知书、报告财产令及执行裁定书，限你自公告期满后履行生效法律文书确定的义务。
四川省成都市武侯区人民法院
周某某：如不服本判决，可在判决书送达之日起十五日内，向本院递交上诉状，并按对方当事人的人数提出副本，上诉于中级人民法院。本院受理原告诉被告买卖合同纠纷一案，现依法向你公告送达起诉状副本、应诉通知书、举证通知书、合议庭组成人员通知书及开庭传票。
贵州省贵阳市南明区人民法院
吴某某、徐某某：本院受理原告诉被告买卖合同纠纷一案，现依法向你公告送达起诉状副本、应诉通知书、举证通知书、合议庭组成人员通知书及开庭传票。本院受理申请人申请执行被执行人借款合同纠纷一案，现依法向你公告送达执行通知书、报告财产令及执行裁定书，限你自公告期满后履行生效法律文书确定的义务。本院受理原告诉被告合同纠纷一案，因你下落不明，依照《中华人民共和国民事诉讼法》的规定，向你公告送达起诉状副本、应诉通知书、举证通知书、开庭传票等。
江西省南昌市东湖区人民法院
孙某某：本院受理申请人申请执行被执行人借款合同纠纷一案，现依法向你公告送达执行通知书、报告财产令及执行裁定书，限你自公告期满后履行生效法律文书确定的义务。本院受理原告诉被告合同纠纷一案，因你下落不明，依照《中华人民共和国民事诉讼法》的规定，向你公告送达起诉状副本、应诉通知书、举证通知书、开庭传票等。自公告之日起经过三十日即视为送达。提出答辩状和举证的期限分别为公告期满后的十五日内。并定于举证期满后第三日上午九时在本院第一法庭开庭审理，逾期将依法缺席裁判。本院受理申请人申请宣告被申请人失踪一案，经查被申请人于多年前离家出走，下落不明。现发出寻找下落不明人公告，公告期间为三个月。
山东省济南市历下区人民法院
李某某、王某某：本院受理原告诉被告合同纠纷一案，因你下落不明，依照《中华人民共和国民事诉讼法》的规定，向你公告送达起诉状副本、应诉通知书、举证通知书、开庭传票等。自公告之日起经过三十日即视为送达。提出答辩状和举证的期限分别为公告期满后的十五日内。并定于举证期满后第三日上午九时在本院第一法庭开庭审理，逾期将依法缺席裁判。
河南省郑州市中原区人民法院
张某某：自公告之日起经过三十日即视为送达。提出答辩状和举证的期限分别为公告期满后的十五日内。并定于举证期满后第三日上午九时在本院第一法庭开庭审理，逾期将依法缺席裁判。本院受理申请人申请宣告被申请人失踪一案，经查被申请人于多年前离家出走，下落不明。现发出寻找下落不明人公告，公告期间为三个月。希望被申请人本人或知其下落的有关人员在公告期间内与本院联系。公告期满后，本院将依法作出判决。
安徽省合肥市蜀山区人民法院
刘某某、陈某某：本院受理申请人申请宣告被申请人失踪一案，经查被申请人于多年前离家出走，下落不明。现发出寻找下落不明人公告，公告期间为三个月。希望被申请人本人或知其下落的有关人员在公告期间内与本院联系。公告期满后，本院将依法作出判决。本院受理原告诉被告离婚纠纷一案，已审理终结。现依法向你公告送达本院民事判决书。自公告之日起六十日内来本院领取民事判决书，逾期则视为送达。如不服本判决，可在判决书送达之日起十五日内，向本院递交上诉状，并按对方当事人的人数提出副本，上诉于中级人民法院。
云南省昆明市官渡区人民法院
杨某某：希望被申请人本人或知其下落的有关人员在公告期间内与本院联系。公告期满后，本院将依法作出判决。本院受理原告诉被告离婚纠纷一案，已审理终结。现依法向你公告送达本院民事判决书。自公告之日起六十日内来本院领取民事判决书，逾期则视为送达。
江苏省南京市鼓楼区人民法院
赵某某、黄某某：本院受理原告诉被告离婚纠纷一案，已审理终结。现依法向你公告送达本院民事判决书。自公告之日起六十日内来本院领取民事判决书，逾期则视为送达。如不服本判决，可在判决书送达之日起十五日内，向本院递交上诉状，并按对方当事人的人数提出副本，上诉于中级人民法院。本院受理原告诉被告买卖合同纠纷一案，现依法向你公告送达起诉状副本、应诉通知书、举证通知书、合议庭组成人员通知书及开庭传票。
四川省成都市武侯区人民法院
周某某：如不服本判决，可在判决书送达之日起十五日内，向本院递交上诉状，并按对方当事人的人数提出副本，上诉于中级人民法院。本院受理原告诉被告买卖合同纠纷一案，现依法向你公告送达起诉状副本、应诉通知书、举证通知书、合议庭组成人员通知书及开庭传票。本院受理申请人申请执行被执行人借款合同纠纷一案，现依法向你公告送达执行通知书、报告财产令及执行裁定书，限你自公告期满后履行生效法律文书确定的义务。本院受理原告诉被告合同纠纷一案，因你下落不明，依照《中华人民共和国民事诉讼法》的规定，向你公告送达起诉状副本、应诉通知书、举证通知书、开庭传票等。
贵州省贵阳市南明区人民法院
吴某某、徐某某：本院受理原告诉被告买卖合同纠纷一案，现依法向你公告送达起诉状副本、应诉通知书、举证通知书、合议庭组成人员通知书及开庭传票。本院受理申请人申请执行被执行人借款合同纠纷一案，现依法向你公告送达执行通知书、报告财产令及执行裁定书，限你自公告期满后履行生效法律文书确定的义务。
江西省南昌市东湖区人民法院
孙某某：本院受理申请人申请执行被执行人借款合同纠纷一案，现依法向你公告送达执行通知书、报告财产令及执行裁定书，限你自公告期满后履行生效法律文书确定的义务。本院受理原告诉被告合同纠纷一案，因你下落不明，依照《中华人民共和国民事诉讼法》的规定，向你公告送达起诉状副本、应诉通知书、举证通知书、开庭传票等。自公告之日起经过三十日即视为送达。提出答辩状和举证的期限分别为公告期满后的十五日内。并定于举证期满后第三日上午九时在本院第一法庭开庭审理，逾期将依法缺席裁判。
山东省济南市历下区人民法院
李某某、王某某：本院受理原告诉被告合同纠纷一案，因你下落不明，依照《中华人民共和国民事诉讼法》的规定，向你公告送达起诉状副本、应诉通知书、举证通知书、开庭传票等。自公告之日起经过三十日即视为送达。提出答辩状和举证的期限分别为公告期满后的十五日内。并定于举证期满后第三日上午九时在本院第一法庭开庭审理，逾期将依法缺席裁判。本院受理申请人申请宣告被申请人失踪一案，经查被申请人于多年前离家出走，下落不明。现发出寻找下落不明人公告，公告期间为三个月。希望被申请人本人或知其下落的有关人员在公告期间内与本院联系。公告期满后，本院将依法作出判决。
河南省郑州市中原区人民法院
张某某：自公告之日起经过三十日即视为送达。提出答辩状和举证的期限分别为公告期满后的十五日内。并定于举证期满后第三日上午九时在本院第一法庭开庭审理，逾期将依法缺席裁判。本院受理申请人申请宣告被申请人失踪一案，经查被申请人于多年前离家出走，下落不明。现发出寻找下落不明人公告，公告期间为三个月。
安徽省合肥市蜀山区人民法院
刘某某、陈某某：本院受理申请人申请宣告被申请人失踪一案，经查被申请人于多年前离家出走，下落不明。现发出寻找下落不明人公告，公告期间为三个月。希望被申请人本人或知其下落的有关人员在公告期间内与本院联系。公告期满后，本院将依法作出判决。本院受理原告诉被告离婚纠纷一案，已审理终结。现依法向你公告送达本院民事判决书。自公告之日起六十日内来本院领取民事判决书，逾期则视为送达。
云南省昆明市官渡区人民法院
